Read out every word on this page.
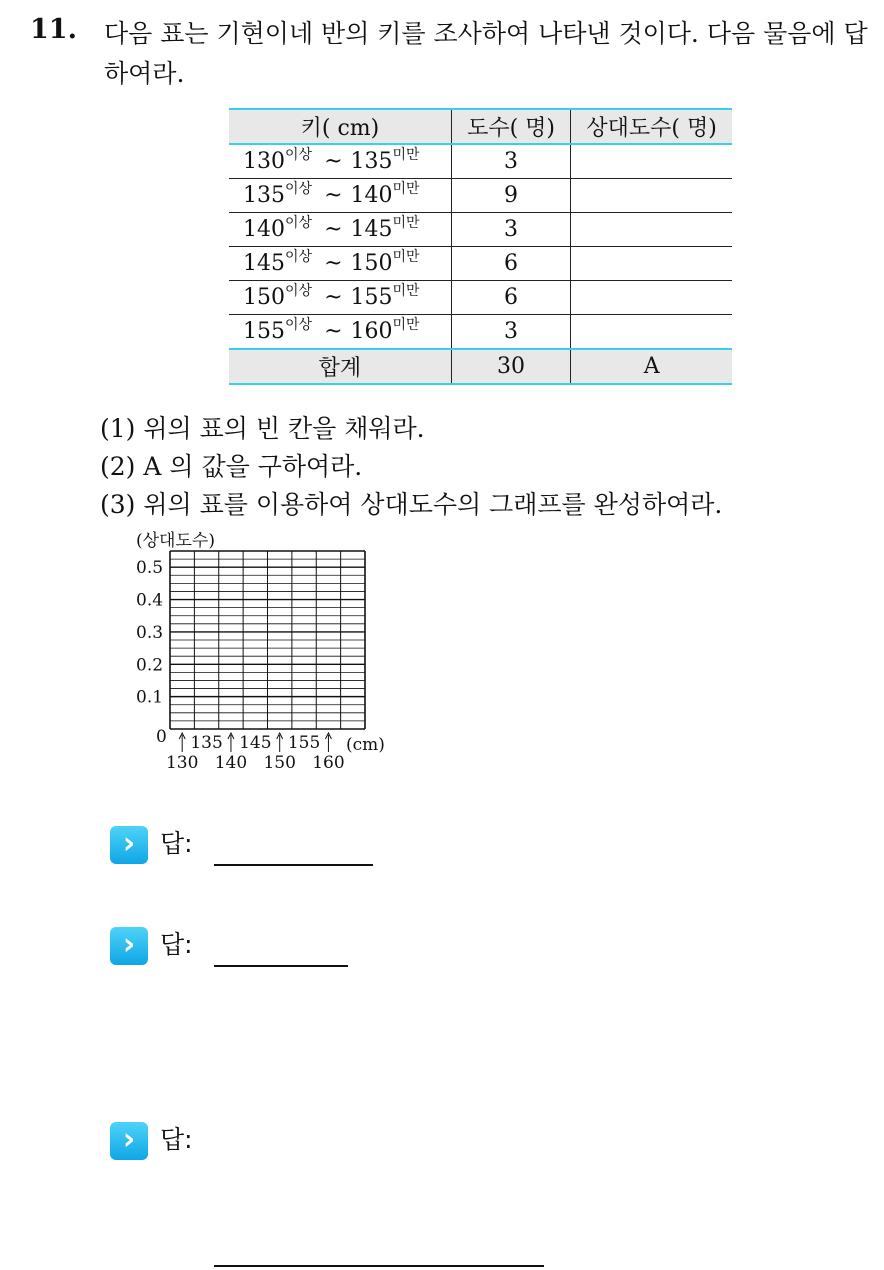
11. 다음 표는 기현이네 반의 키를 조사하여 나타낸 것이다. 다음 물음에 답하여라.
키( cm)	도수( 명)	상대도수( 명)
$130^{이상}$ ~ $135^{미만}$	3	
$135^{이상}$ ~ $140^{미만}$	9	
$140^{이상}$ ~ $145^{미만}$	3	
$145^{이상}$ ~ $150^{미만}$	6	
$150^{이상}$ ~ $155^{미만}$	6	
$155^{이상}$ ~ $160^{미만}$	3	
합계	30	A
(1) 위의 표의 빈 칸을 채워라.
(2) A 의 값을 구하여라.
(3) 위의 표를 이용하여 상대도수의 그래프를 완성하여라.
(상대도수)
0
0.1
0.2
0.3
0.4
0.5
130 140 150 160
135 145 155 (cm)
› 답:
› 답:
› 답:
